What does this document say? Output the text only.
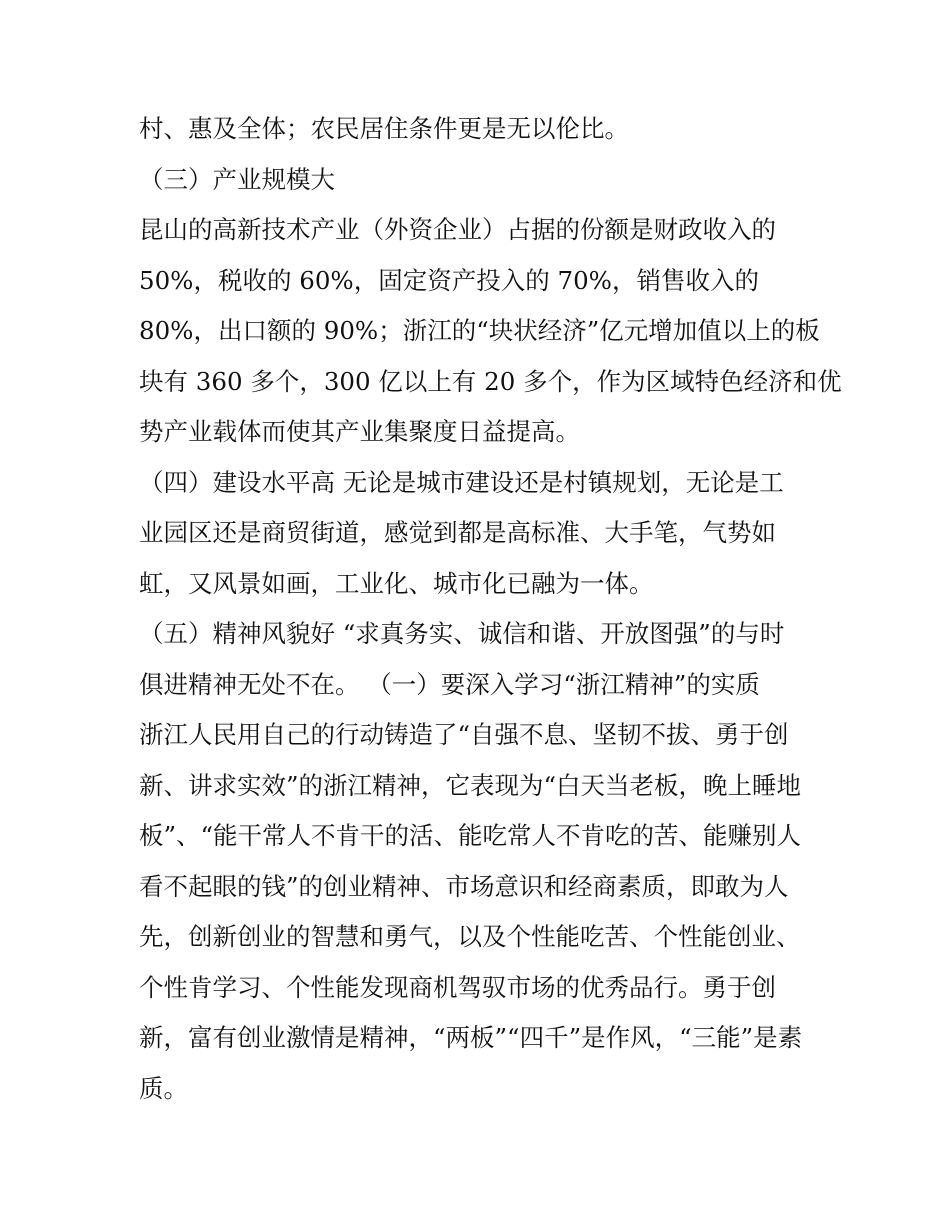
村、惠及全体；农民居住条件更是无以伦比。
（三）产业规模大
昆山的高新技术产业（外资企业）占据的份额是财政收入的
50%，税收的 60%，固定资产投入的 70%，销售收入的
80%，出口额的 90%；浙江的“块状经济”亿元增加值以上的板
块有 360 多个，300 亿以上有 20 多个，作为区域特色经济和优
势产业载体而使其产业集聚度日益提高。
（四）建设水平高 无论是城市建设还是村镇规划，无论是工
业园区还是商贸街道，感觉到都是高标准、大手笔，气势如
虹，又风景如画，工业化、城市化已融为一体。
（五）精神风貌好 “求真务实、诚信和谐、开放图强”的与时
俱进精神无处不在。 （一）要深入学习“浙江精神”的实质
浙江人民用自己的行动铸造了“自强不息、坚韧不拔、勇于创
新、讲求实效”的浙江精神，它表现为“白天当老板，晚上睡地
板”、“能干常人不肯干的活、能吃常人不肯吃的苦、能赚别人
看不起眼的钱”的创业精神、市场意识和经商素质，即敢为人
先，创新创业的智慧和勇气，以及个性能吃苦、个性能创业、
个性肯学习、个性能发现商机驾驭市场的优秀品行。勇于创
新，富有创业激情是精神，“两板”“四千”是作风，“三能”是素
质。
